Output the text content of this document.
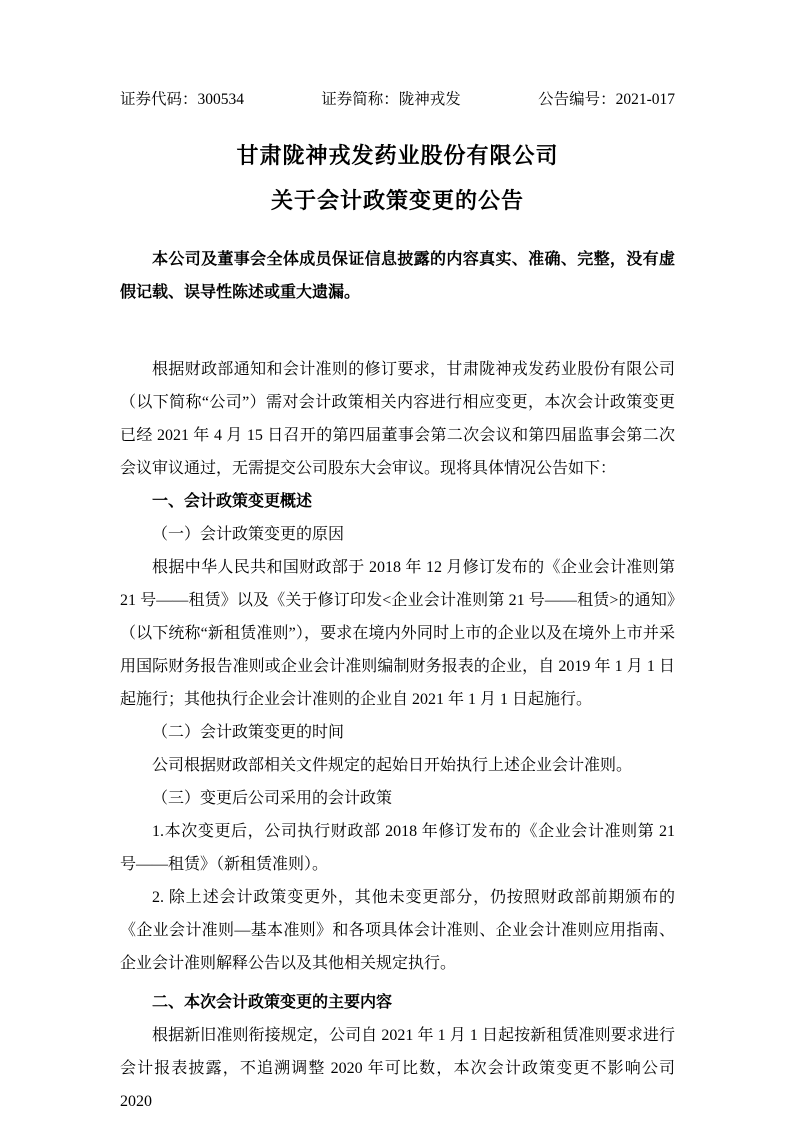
证券代码：300534	证券简称：陇神戎发	公告编号：2021-017
甘肃陇神戎发药业股份有限公司
关于会计政策变更的公告

本公司及董事会全体成员保证信息披露的内容真实、准确、完整，没有虚假记载、误导性陈述或重大遗漏。

根据财政部通知和会计准则的修订要求，甘肃陇神戎发药业股份有限公司（以下简称“公司”）需对会计政策相关内容进行相应变更，本次会计政策变更已经 2021 年 4 月 15 日召开的第四届董事会第二次会议和第四届监事会第二次会议审议通过，无需提交公司股东大会审议。现将具体情况公告如下：

一、会计政策变更概述

（一）会计政策变更的原因

根据中华人民共和国财政部于 2018 年 12 月修订发布的《企业会计准则第 21 号——租赁》以及《关于修订印发<企业会计准则第 21 号——租赁>的通知》（以下统称“新租赁准则”），要求在境内外同时上市的企业以及在境外上市并采用国际财务报告准则或企业会计准则编制财务报表的企业，自 2019 年 1 月 1 日起施行；其他执行企业会计准则的企业自 2021 年 1 月 1 日起施行。

（二）会计政策变更的时间

公司根据财政部相关文件规定的起始日开始执行上述企业会计准则。

（三）变更后公司采用的会计政策

1.本次变更后，公司执行财政部 2018 年修订发布的《企业会计准则第 21 号——租赁》（新租赁准则）。

2. 除上述会计政策变更外，其他未变更部分，仍按照财政部前期颁布的《企业会计准则—基本准则》和各项具体会计准则、企业会计准则应用指南、企业会计准则解释公告以及其他相关规定执行。

二、本次会计政策变更的主要内容

根据新旧准则衔接规定，公司自 2021 年 1 月 1 日起按新租赁准则要求进行会计报表披露，不追溯调整 2020 年可比数，本次会计政策变更不影响公司 2020
